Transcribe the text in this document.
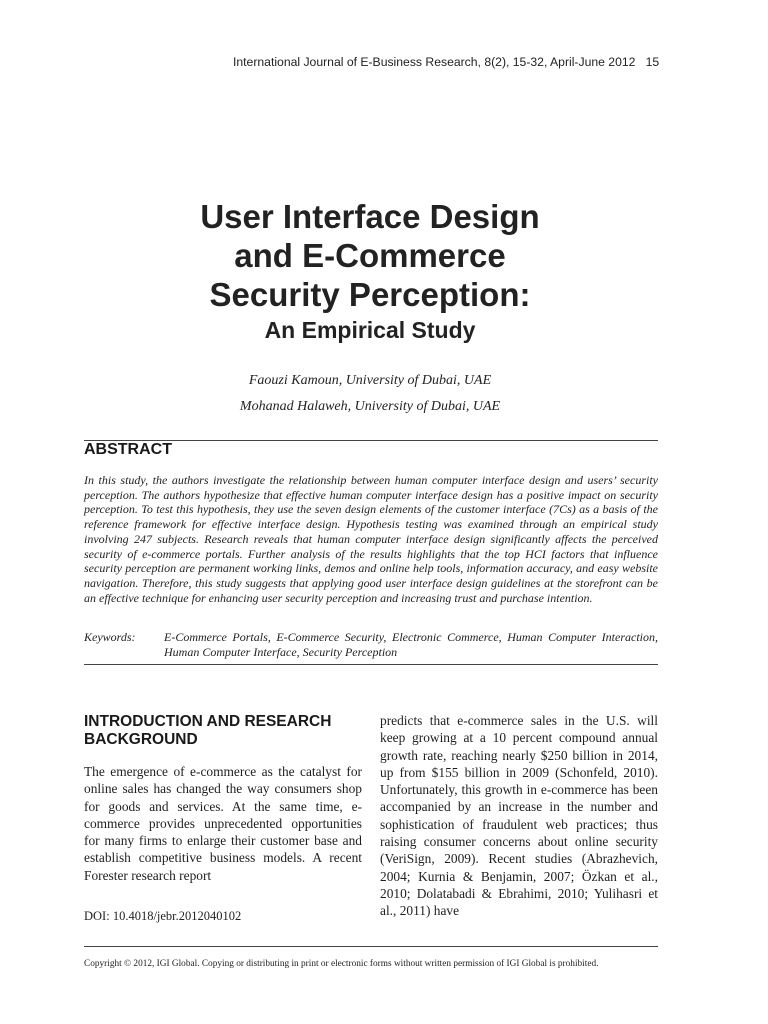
International Journal of E-Business Research, 8(2), 15-32, April-June 2012 15
User Interface Design
and E-Commerce
Security Perception:
An Empirical Study
Faouzi Kamoun, University of Dubai, UAE
Mohanad Halaweh, University of Dubai, UAE
ABSTRACT
In this study, the authors investigate the relationship between human computer interface design and users’ security perception. The authors hypothesize that effective human computer interface design has a positive impact on security perception. To test this hypothesis, they use the seven design elements of the customer interface (7Cs) as a basis of the reference framework for effective interface design. Hypothesis testing was examined through an empirical study involving 247 subjects. Research reveals that human computer interface design significantly affects the perceived security of e-commerce portals. Further analysis of the results highlights that the top HCI factors that influence security perception are permanent working links, demos and online help tools, information accuracy, and easy website navigation. Therefore, this study suggests that applying good user interface design guidelines at the storefront can be an effective technique for enhancing user security perception and increasing trust and purchase intention.
Keywords:	E-Commerce Portals, E-Commerce Security, Electronic Commerce, Human Computer Interaction, Human Computer Interface, Security Perception
INTRODUCTION AND RESEARCH BACKGROUND
The emergence of e-commerce as the catalyst for online sales has changed the way consumers shop for goods and services. At the same time, e-commerce provides unprecedented opportunities for many firms to enlarge their customer base and establish competitive business models. A recent Forester research report
predicts that e-commerce sales in the U.S. will keep growing at a 10 percent compound annual growth rate, reaching nearly $250 billion in 2014, up from $155 billion in 2009 (Schonfeld, 2010). Unfortunately, this growth in e-commerce has been accompanied by an increase in the number and sophistication of fraudulent web practices; thus raising consumer concerns about online security (VeriSign, 2009). Recent studies (Abrazhevich, 2004; Kurnia & Benjamin, 2007; Özkan et al., 2010; Dolatabadi & Ebrahimi, 2010; Yulihasri et al., 2011) have
DOI: 10.4018/jebr.2012040102
Copyright © 2012, IGI Global. Copying or distributing in print or electronic forms without written permission of IGI Global is prohibited.
